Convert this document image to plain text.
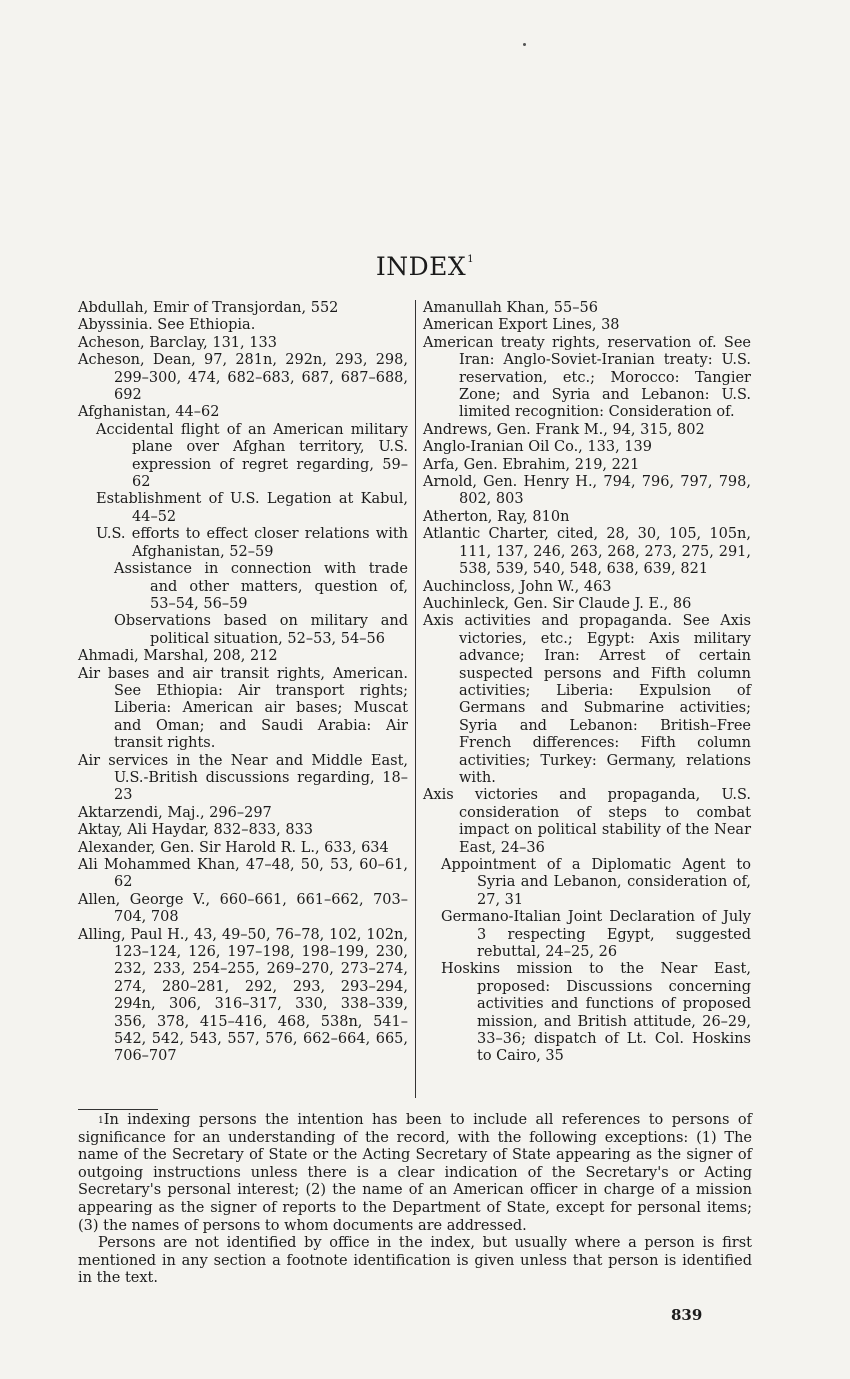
INDEX$^1$
Abdullah, Emir of Transjordan, 552
Abyssinia. See Ethiopia.
Acheson, Barclay, 131, 133
Acheson, Dean, 97, 281n, 292n, 293, 298, 299–300, 474, 682–683, 687, 687–688, 692
Afghanistan, 44–62
Accidental flight of an American military plane over Afghan territory, U.S. expression of regret regarding, 59–62
Establishment of U.S. Legation at Kabul, 44–52
U.S. efforts to effect closer relations with Afghanistan, 52–59
Assistance in connection with trade and other matters, question of, 53–54, 56–59
Observations based on military and political situation, 52–53, 54–56
Ahmadi, Marshal, 208, 212
Air bases and air transit rights, American. See Ethiopia: Air transport rights; Liberia: American air bases; Muscat and Oman; and Saudi Arabia: Air transit rights.
Air services in the Near and Middle East, U.S.-British discussions regarding, 18–23
Aktarzendi, Maj., 296–297
Aktay, Ali Haydar, 832–833, 833
Alexander, Gen. Sir Harold R. L., 633, 634
Ali Mohammed Khan, 47–48, 50, 53, 60–61, 62
Allen, George V., 660–661, 661–662, 703–704, 708
Alling, Paul H., 43, 49–50, 76–78, 102, 102n, 123–124, 126, 197–198, 198–199, 230, 232, 233, 254–255, 269–270, 273–274, 274, 280–281, 292, 293, 293–294, 294n, 306, 316–317, 330, 338–339, 356, 378, 415–416, 468, 538n, 541–542, 542, 543, 557, 576, 662–664, 665, 706–707
Amanullah Khan, 55–56
American Export Lines, 38
American treaty rights, reservation of. See Iran: Anglo-Soviet-Iranian treaty: U.S. reservation, etc.; Morocco: Tangier Zone; and Syria and Lebanon: U.S. limited recognition: Consideration of.
Andrews, Gen. Frank M., 94, 315, 802
Anglo-Iranian Oil Co., 133, 139
Arfa, Gen. Ebrahim, 219, 221
Arnold, Gen. Henry H., 794, 796, 797, 798, 802, 803
Atherton, Ray, 810n
Atlantic Charter, cited, 28, 30, 105, 105n, 111, 137, 246, 263, 268, 273, 275, 291, 538, 539, 540, 548, 638, 639, 821
Auchincloss, John W., 463
Auchinleck, Gen. Sir Claude J. E., 86
Axis activities and propaganda. See Axis victories, etc.; Egypt: Axis military advance; Iran: Arrest of certain suspected persons and Fifth column activities; Liberia: Expulsion of Germans and Submarine activities; Syria and Lebanon: British–Free French differences: Fifth column activities; Turkey: Germany, relations with.
Axis victories and propaganda, U.S. consideration of steps to combat impact on political stability of the Near East, 24–36
Appointment of a Diplomatic Agent to Syria and Lebanon, consideration of, 27, 31
Germano-Italian Joint Declaration of July 3 respecting Egypt, suggested rebuttal, 24–25, 26
Hoskins mission to the Near East, proposed: Discussions concerning activities and functions of proposed mission, and British attitude, 26–29, 33–36; dispatch of Lt. Col. Hoskins to Cairo, 35

$^1$In indexing persons the intention has been to include all references to persons of significance for an understanding of the record, with the following exceptions: (1) The name of the Secretary of State or the Acting Secretary of State appearing as the signer of outgoing instructions unless there is a clear indication of the Secretary's or Acting Secretary's personal interest; (2) the name of an American officer in charge of a mission appearing as the signer of reports to the Department of State, except for personal items; (3) the names of persons to whom documents are addressed.

Persons are not identified by office in the index, but usually where a person is first mentioned in any section a footnote identification is given unless that person is identified in the text.

839
